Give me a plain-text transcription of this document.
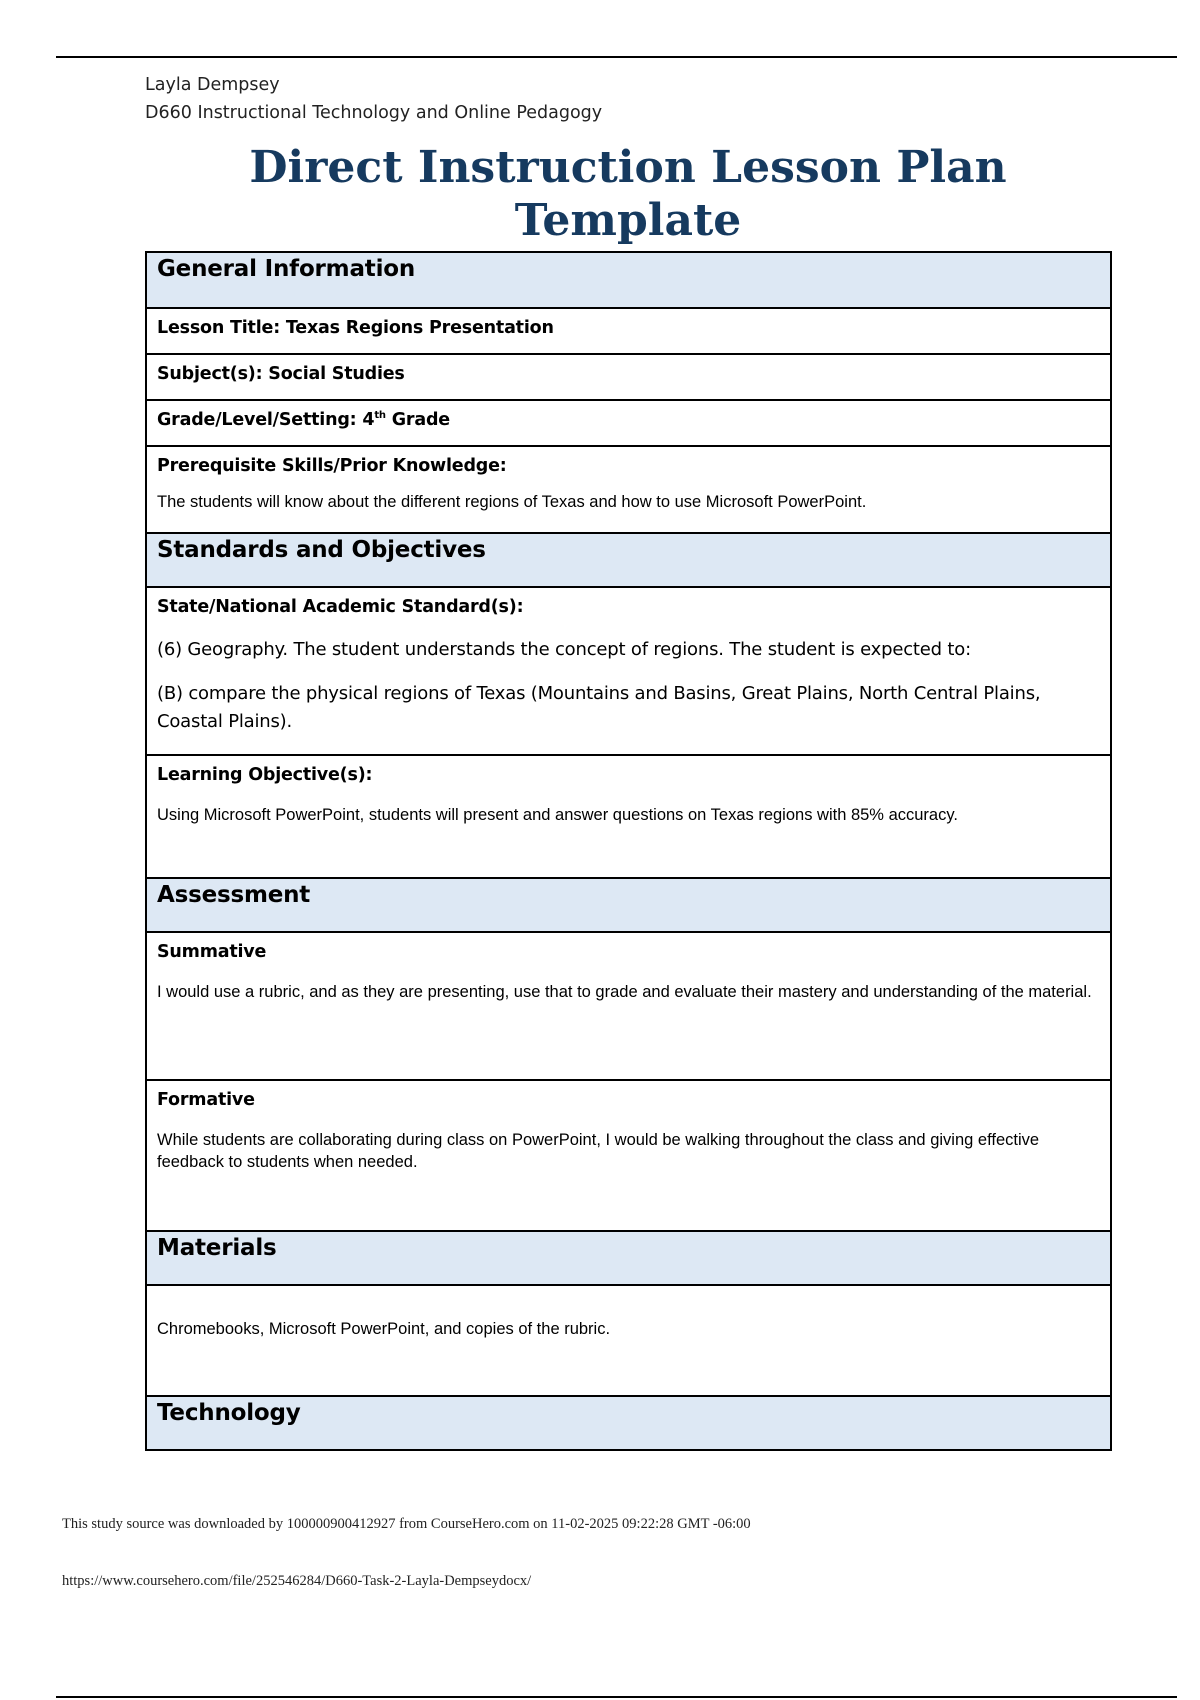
Layla Dempsey
D660 Instructional Technology and Online Pedagogy
Direct Instruction Lesson Plan Template
General Information
Lesson Title: Texas Regions Presentation
Subject(s): Social Studies
Grade/Level/Setting: 4th Grade
Prerequisite Skills/Prior Knowledge:
The students will know about the different regions of Texas and how to use Microsoft PowerPoint.
Standards and Objectives
State/National Academic Standard(s):
(6) Geography. The student understands the concept of regions. The student is expected to:
(B) compare the physical regions of Texas (Mountains and Basins, Great Plains, North Central Plains, Coastal Plains).
Learning Objective(s):
Using Microsoft PowerPoint, students will present and answer questions on Texas regions with 85% accuracy.
Assessment
Summative
I would use a rubric, and as they are presenting, use that to grade and evaluate their mastery and understanding of the material.
Formative
While students are collaborating during class on PowerPoint, I would be walking throughout the class and giving effective feedback to students when needed.
Materials
Chromebooks, Microsoft PowerPoint, and copies of the rubric.
Technology
This study source was downloaded by 100000900412927 from CourseHero.com on 11-02-2025 09:22:28 GMT -06:00
https://www.coursehero.com/file/252546284/D660-Task-2-Layla-Dempseydocx/
